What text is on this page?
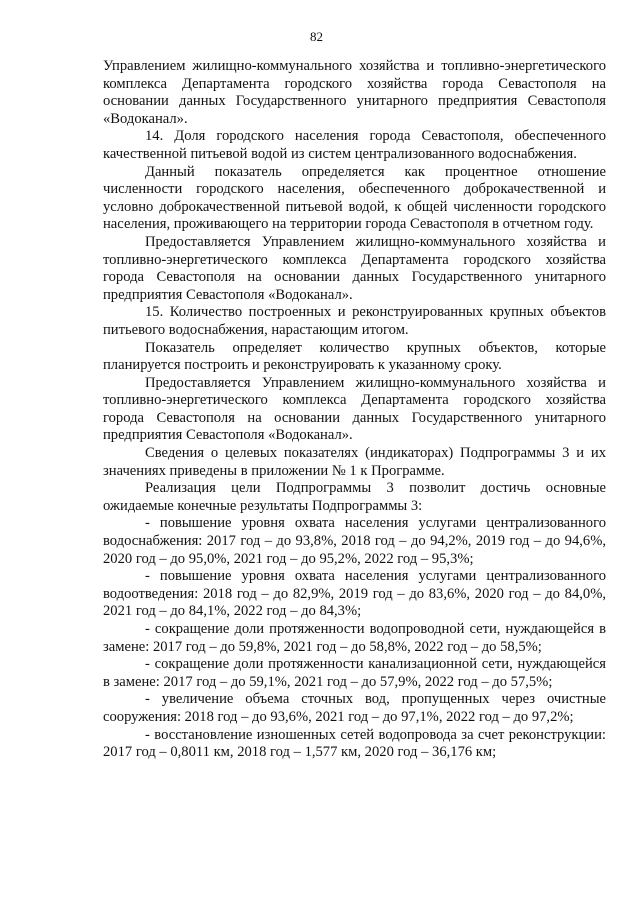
82

Управлением жилищно-коммунального хозяйства и топливно-энергетического комплекса Департамента городского хозяйства города Севастополя на основании данных Государственного унитарного предприятия Севастополя «Водоканал».

14. Доля городского населения города Севастополя, обеспеченного качественной питьевой водой из систем централизованного водоснабжения.

Данный показатель определяется как процентное отношение численности городского населения, обеспеченного доброкачественной и условно доброкачественной питьевой водой, к общей численности городского населения, проживающего на территории города Севастополя в отчетном году.

Предоставляется Управлением жилищно-коммунального хозяйства и топливно-энергетического комплекса Департамента городского хозяйства города Севастополя на основании данных Государственного унитарного предприятия Севастополя «Водоканал».

15. Количество построенных и реконструированных крупных объектов питьевого водоснабжения, нарастающим итогом.

Показатель определяет количество крупных объектов, которые планируется построить и реконструировать к указанному сроку.

Предоставляется Управлением жилищно-коммунального хозяйства и топливно-энергетического комплекса Департамента городского хозяйства города Севастополя на основании данных Государственного унитарного предприятия Севастополя «Водоканал».

Сведения о целевых показателях (индикаторах) Подпрограммы 3 и их значениях приведены в приложении № 1 к Программе.

Реализация цели Подпрограммы 3 позволит достичь основные ожидаемые конечные результаты Подпрограммы 3:

- повышение уровня охвата населения услугами централизованного водоснабжения: 2017 год – до 93,8%, 2018 год – до 94,2%, 2019 год – до 94,6%, 2020 год – до 95,0%, 2021 год – до 95,2%, 2022 год – 95,3%;

- повышение уровня охвата населения услугами централизованного водоотведения: 2018 год – до 82,9%, 2019 год – до 83,6%, 2020 год – до 84,0%, 2021 год – до 84,1%, 2022 год – до 84,3%;

- сокращение доли протяженности водопроводной сети, нуждающейся в замене: 2017 год – до 59,8%, 2021 год – до 58,8%, 2022 год – до 58,5%;

- сокращение доли протяженности канализационной сети, нуждающейся в замене: 2017 год – до 59,1%, 2021 год – до 57,9%, 2022 год – до 57,5%;

- увеличение объема сточных вод, пропущенных через очистные сооружения: 2018 год – до 93,6%, 2021 год – до 97,1%, 2022 год – до 97,2%;

- восстановление изношенных сетей водопровода за счет реконструкции: 2017 год – 0,8011 км, 2018 год – 1,577 км, 2020 год – 36,176 км;
